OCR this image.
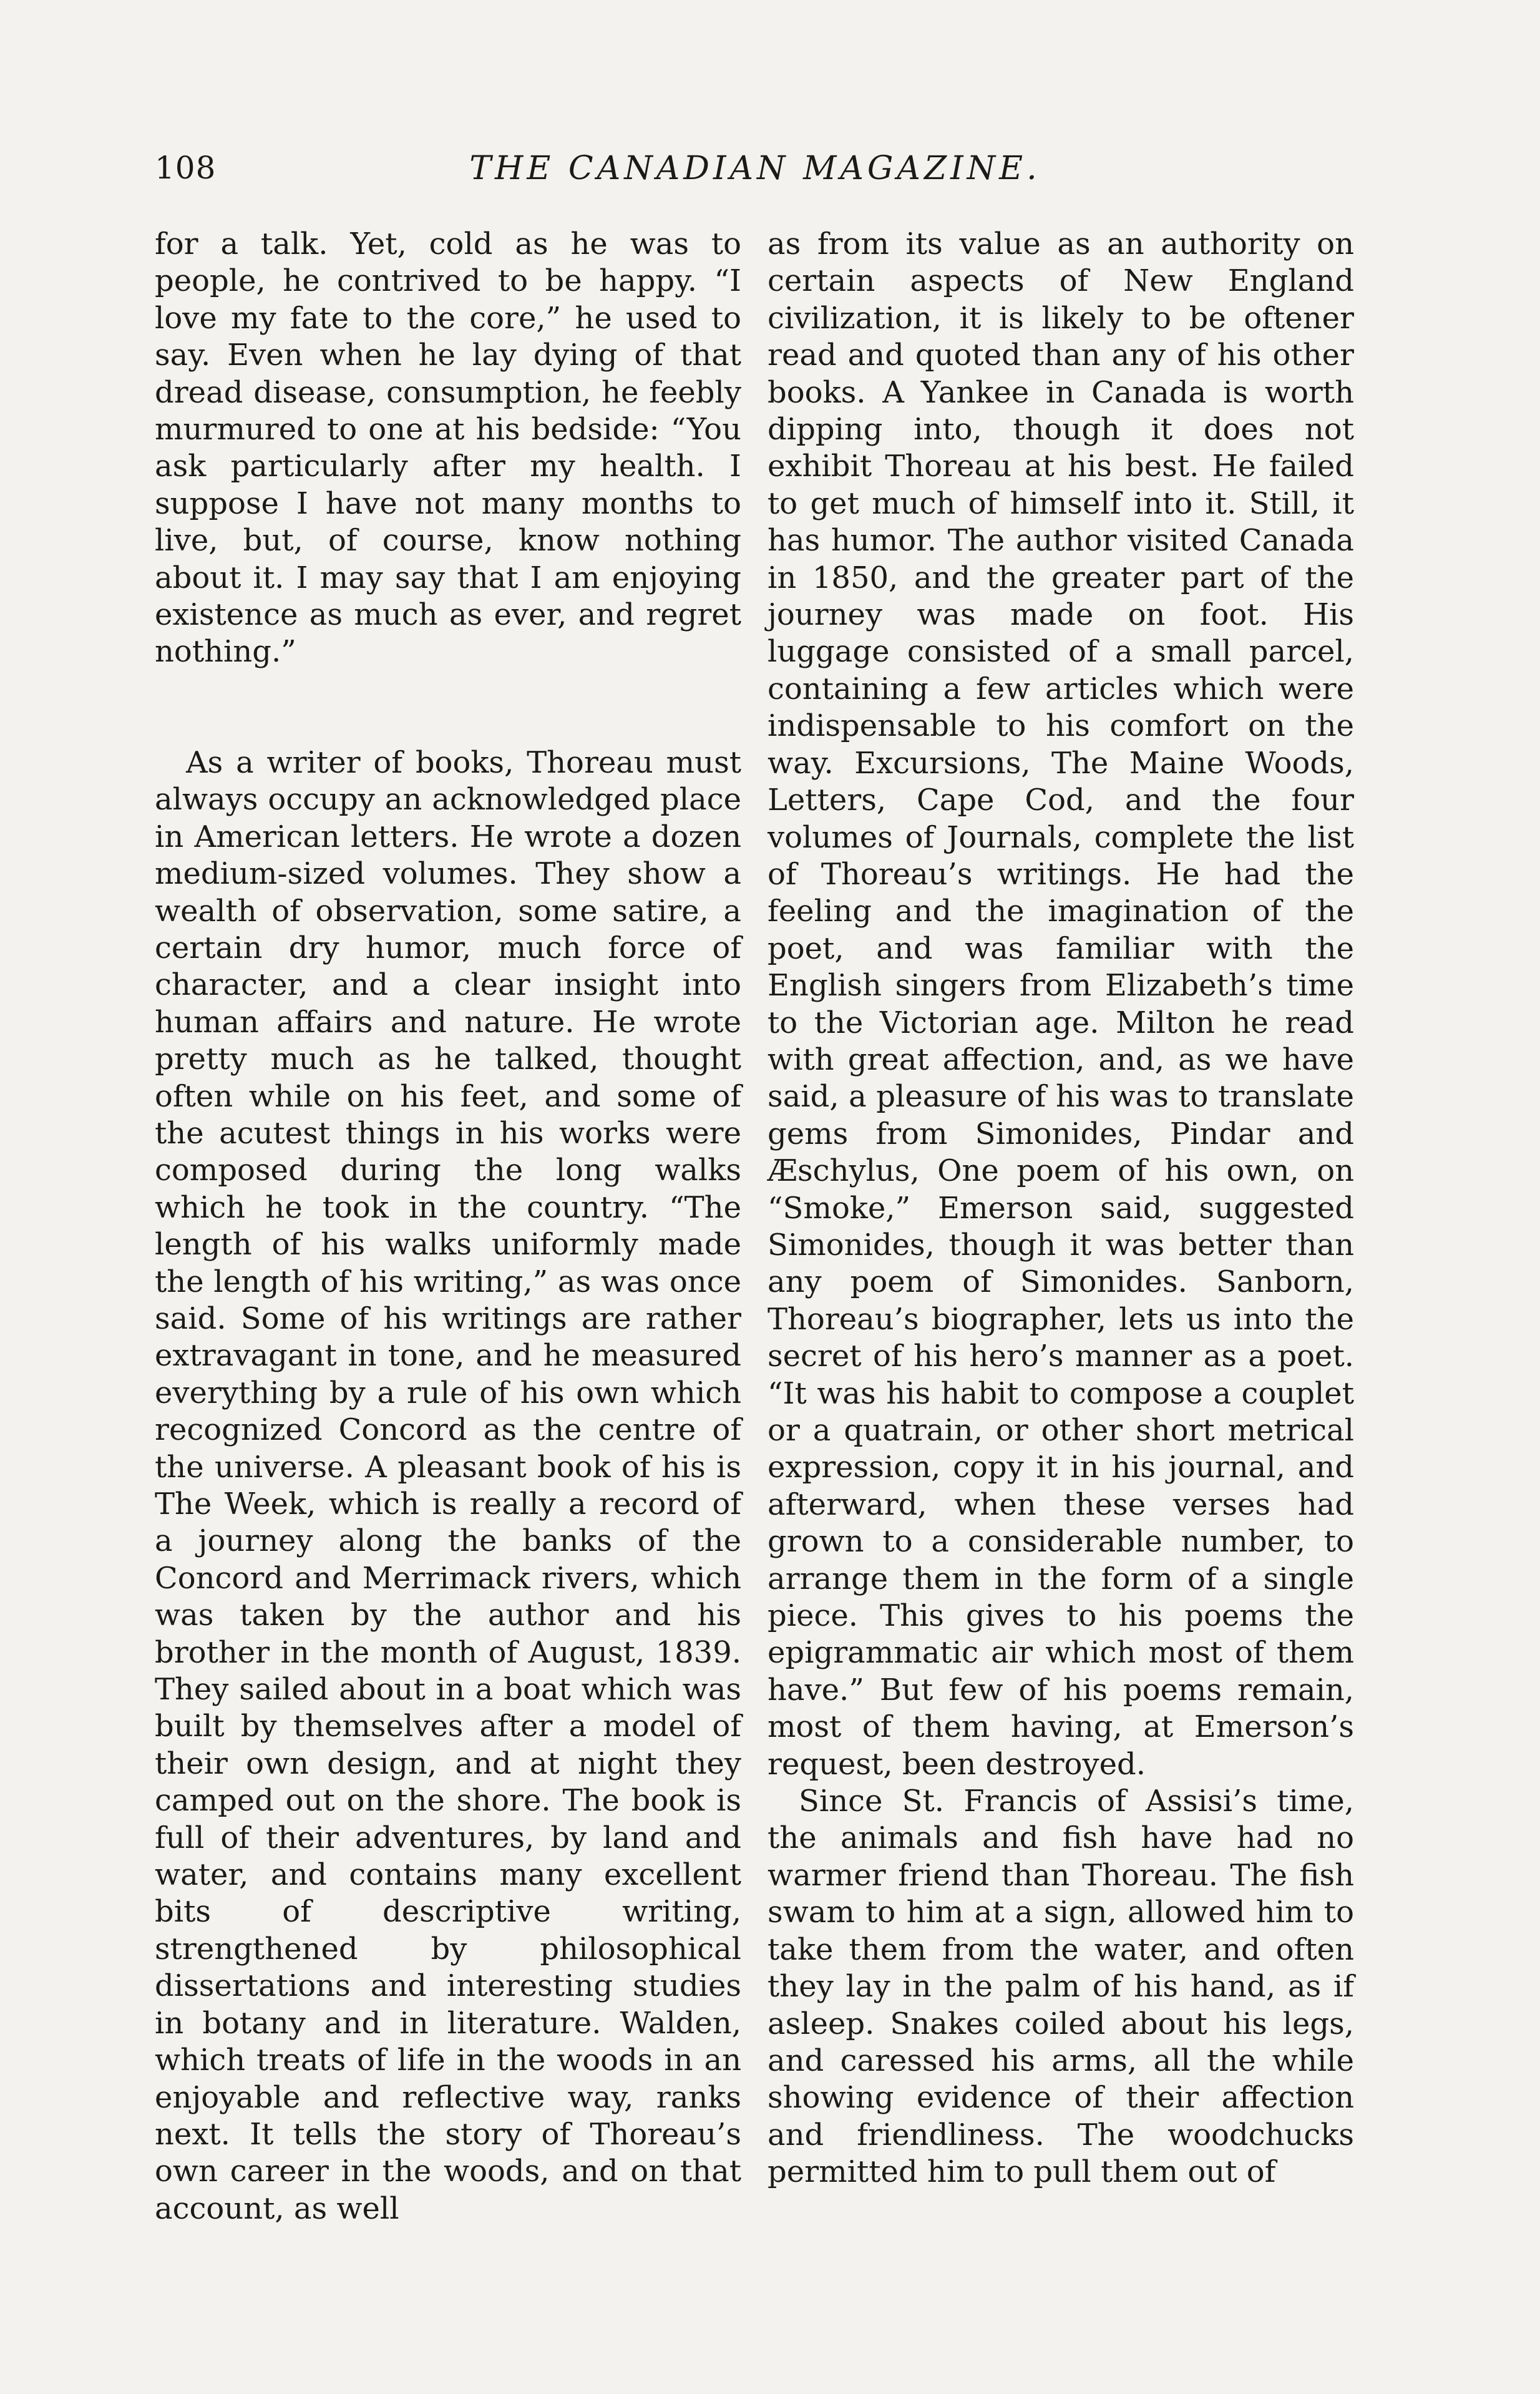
108	THE CANADIAN MAGAZINE.

for a talk. Yet, cold as he was to people, he contrived to be happy. “I love my fate to the core,” he used to say. Even when he lay dying of that dread disease, consumption, he feebly murmured to one at his bedside: “You ask particularly after my health. I suppose I have not many months to live, but, of course, know nothing about it. I may say that I am enjoying existence as much as ever, and regret nothing.”

As a writer of books, Thoreau must always occupy an acknowledged place in American letters. He wrote a dozen medium-sized volumes. They show a wealth of observation, some satire, a certain dry humor, much force of character, and a clear insight into human affairs and nature. He wrote pretty much as he talked, thought often while on his feet, and some of the acutest things in his works were composed during the long walks which he took in the country. “The length of his walks uniformly made the length of his writing,” as was once said. Some of his writings are rather extravagant in tone, and he measured everything by a rule of his own which recognized Concord as the centre of the universe. A pleasant book of his is The Week, which is really a record of a journey along the banks of the Concord and Merrimack rivers, which was taken by the author and his brother in the month of August, 1839. They sailed about in a boat which was built by themselves after a model of their own design, and at night they camped out on the shore. The book is full of their adventures, by land and water, and contains many excellent bits of descriptive writing, strengthened by philosophical dissertations and interesting studies in botany and in literature. Walden, which treats of life in the woods in an enjoyable and reflective way, ranks next. It tells the story of Thoreau’s own career in the woods, and on that account, as well

as from its value as an authority on certain aspects of New England civilization, it is likely to be oftener read and quoted than any of his other books. A Yankee in Canada is worth dipping into, though it does not exhibit Thoreau at his best. He failed to get much of himself into it. Still, it has humor. The author visited Canada in 1850, and the greater part of the journey was made on foot. His luggage consisted of a small parcel, containing a few articles which were indispensable to his comfort on the way. Excursions, The Maine Woods, Letters, Cape Cod, and the four volumes of Journals, complete the list of Thoreau’s writings. He had the feeling and the imagination of the poet, and was familiar with the English singers from Elizabeth’s time to the Victorian age. Milton he read with great affection, and, as we have said, a pleasure of his was to translate gems from Simonides, Pindar and Æschylus, One poem of his own, on “Smoke,” Emerson said, suggested Simonides, though it was better than any poem of Simonides. Sanborn, Thoreau’s biographer, lets us into the secret of his hero’s manner as a poet. “It was his habit to compose a couplet or a quatrain, or other short metrical expression, copy it in his journal, and afterward, when these verses had grown to a considerable number, to arrange them in the form of a single piece. This gives to his poems the epigrammatic air which most of them have.” But few of his poems remain, most of them having, at Emerson’s request, been destroyed.

Since St. Francis of Assisi’s time, the animals and fish have had no warmer friend than Thoreau. The fish swam to him at a sign, allowed him to take them from the water, and often they lay in the palm of his hand, as if asleep. Snakes coiled about his legs, and caressed his arms, all the while showing evidence of their affection and friendliness. The woodchucks permitted him to pull them out of
